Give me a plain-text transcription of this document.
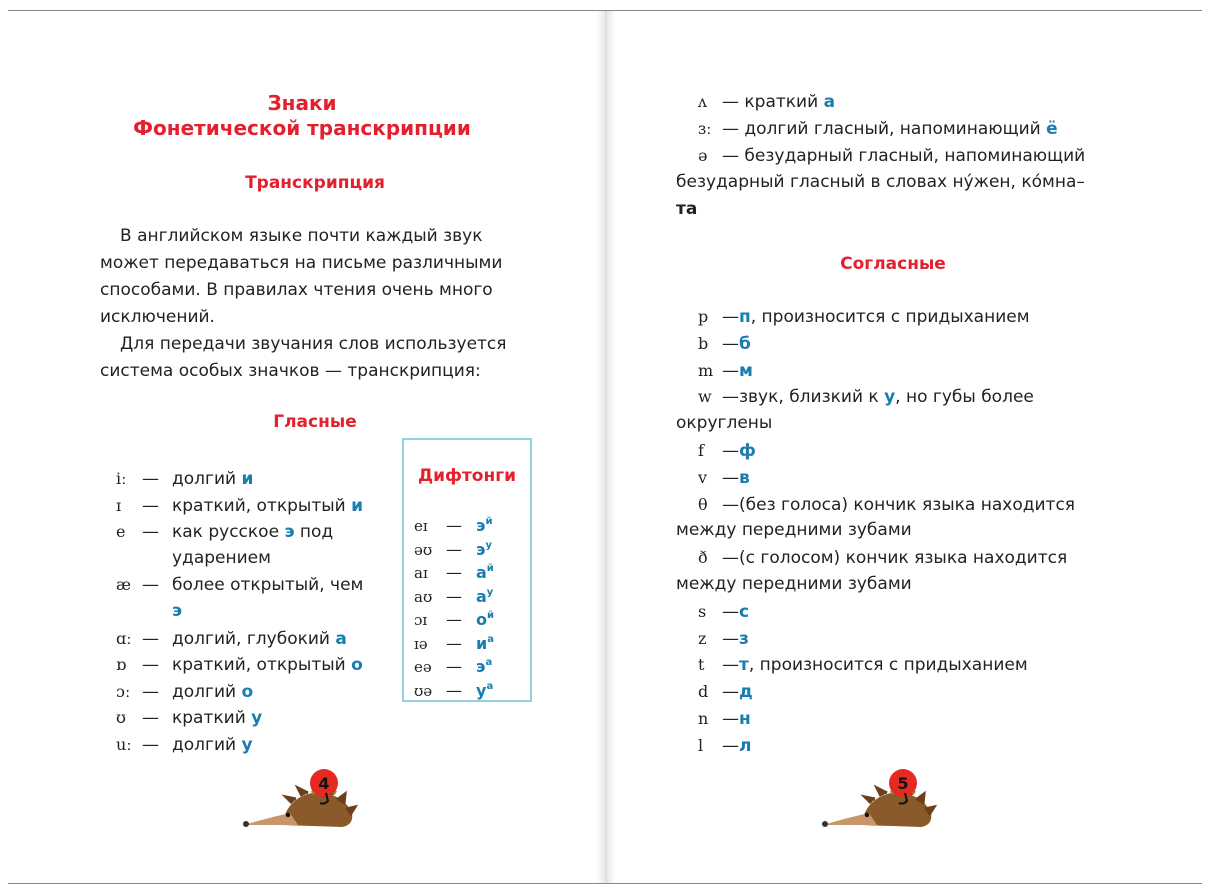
Знаки
Фонетической транскрипции
Транскрипция
В английском языке почти каждый звук
может передаваться на письме различными
способами. В правилах чтения очень много
исключений.
Для передачи звучания слов используется
система особых значков — транскрипция:
Гласные
iː — долгий и
ɪ — краткий, открытый и
e — как русское э под
ударением
æ — более открытый, чем
э
ɑː — долгий, глубокий а
ɒ — краткий, открытый о
ɔː — долгий о
ʊ — краткий у
uː — долгий у
Дифтонги
eɪ — $э^й$
əʊ — $э^у$
aɪ — $а^й$
aʊ — $а^у$
ɔɪ — $о^й$
ɪə — $и^а$
eə — $э^а$
ʊə — $у^а$
4
ʌ — краткий а
ɜː — долгий гласный, напоминающий ё
ə — безударный гласный, напоминающий
безударный гласный в словах ну́жен, ко́мна–
та
Согласные
p —п, произносится с придыханием
b —б
m —м
w —звук, близкий к у, но губы более
округлены
f —ф
v —в
θ —(без голоса) кончик языка находится
между передними зубами
ð —(с голосом) кончик языка находится
между передними зубами
s —с
z —з
t —т, произносится с придыханием
d —д
n —н
l —л
5
